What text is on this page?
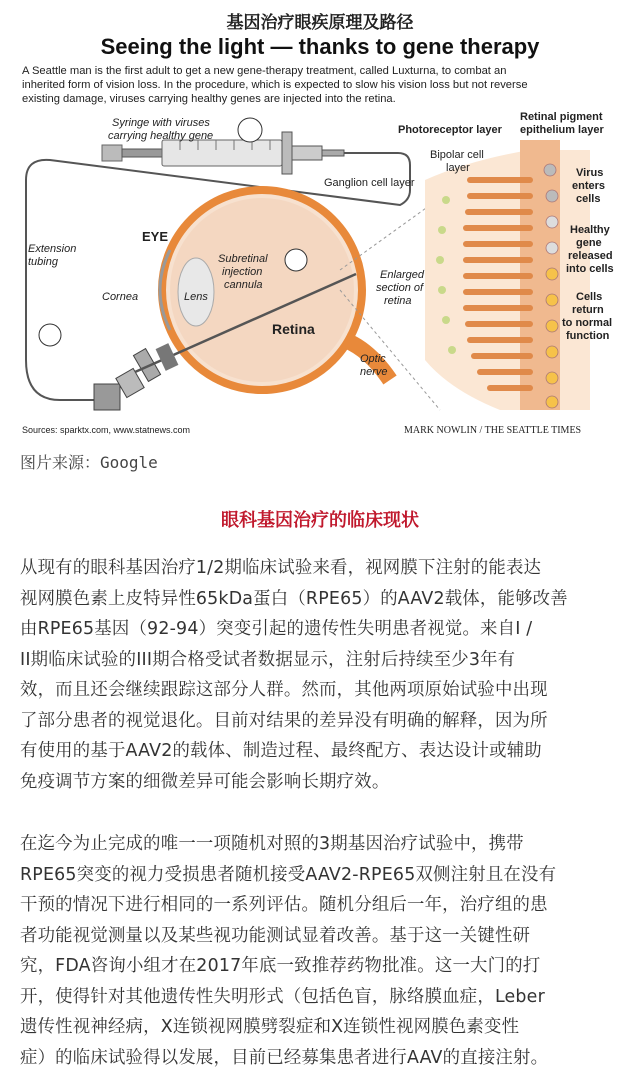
Syringe with viruses
carrying healthy gene
Extension
tubing
EYE
Cornea	Lens
Subretinal
injection
cannula
Retina
Optic
nerve
Enlarged
section of
retina
Photoreceptor layer
Retinal pigment
epithelium layer
Bipolar cell
layer
Ganglion cell layer
Virus
enters
cells
Healthy
gene
released
into cells
Cells
return
to normal
function
Sources: sparktx.com, www.statnews.com	MARK NOWLIN / THE SEATTLE TIMES
基因治疗眼疾原理及路径
Seeing the light — thanks to gene therapy
A Seattle man is the first adult to get a new gene-therapy treatment, called Luxturna, to combat an
inherited form of vision loss. In the procedure, which is expected to slow his vision loss but not reverse
existing damage, viruses carrying healthy genes are injected into the retina.
图片来源：Google
眼科基因治疗的临床现状
从现有的眼科基因治疗1/2期临床试验来看，视网膜下注射的能表达
视网膜色素上皮特异性65kDa蛋白（RPE65）的AAV2载体，能够改善
由RPE65基因（92-94）突变引起的遗传性失明患者视觉。来自I /
II期临床试验的III期合格受试者数据显示，注射后持续至少3年有
效，而且还会继续跟踪这部分人群。然而，其他两项原始试验中出现
了部分患者的视觉退化。目前对结果的差异没有明确的解释，因为所
有使用的基于AAV2的载体、制造过程、最终配方、表达设计或辅助
免疫调节方案的细微差异可能会影响长期疗效。
在迄今为止完成的唯一一项随机对照的3期基因治疗试验中，携带
RPE65突变的视力受损患者随机接受AAV2-RPE65双侧注射且在没有
干预的情况下进行相同的一系列评估。随机分组后一年，治疗组的患
者功能视觉测量以及某些视功能测试显着改善。基于这一关键性研
究，FDA咨询小组才在2017年底一致推荐药物批准。这一大门的打
开，使得针对其他遗传性失明形式（包括色盲，脉络膜血症，Leber
遗传性视神经病，X连锁视网膜劈裂症和X连锁性视网膜色素变性
症）的临床试验得以发展，目前已经募集患者进行AAV的直接注射。
